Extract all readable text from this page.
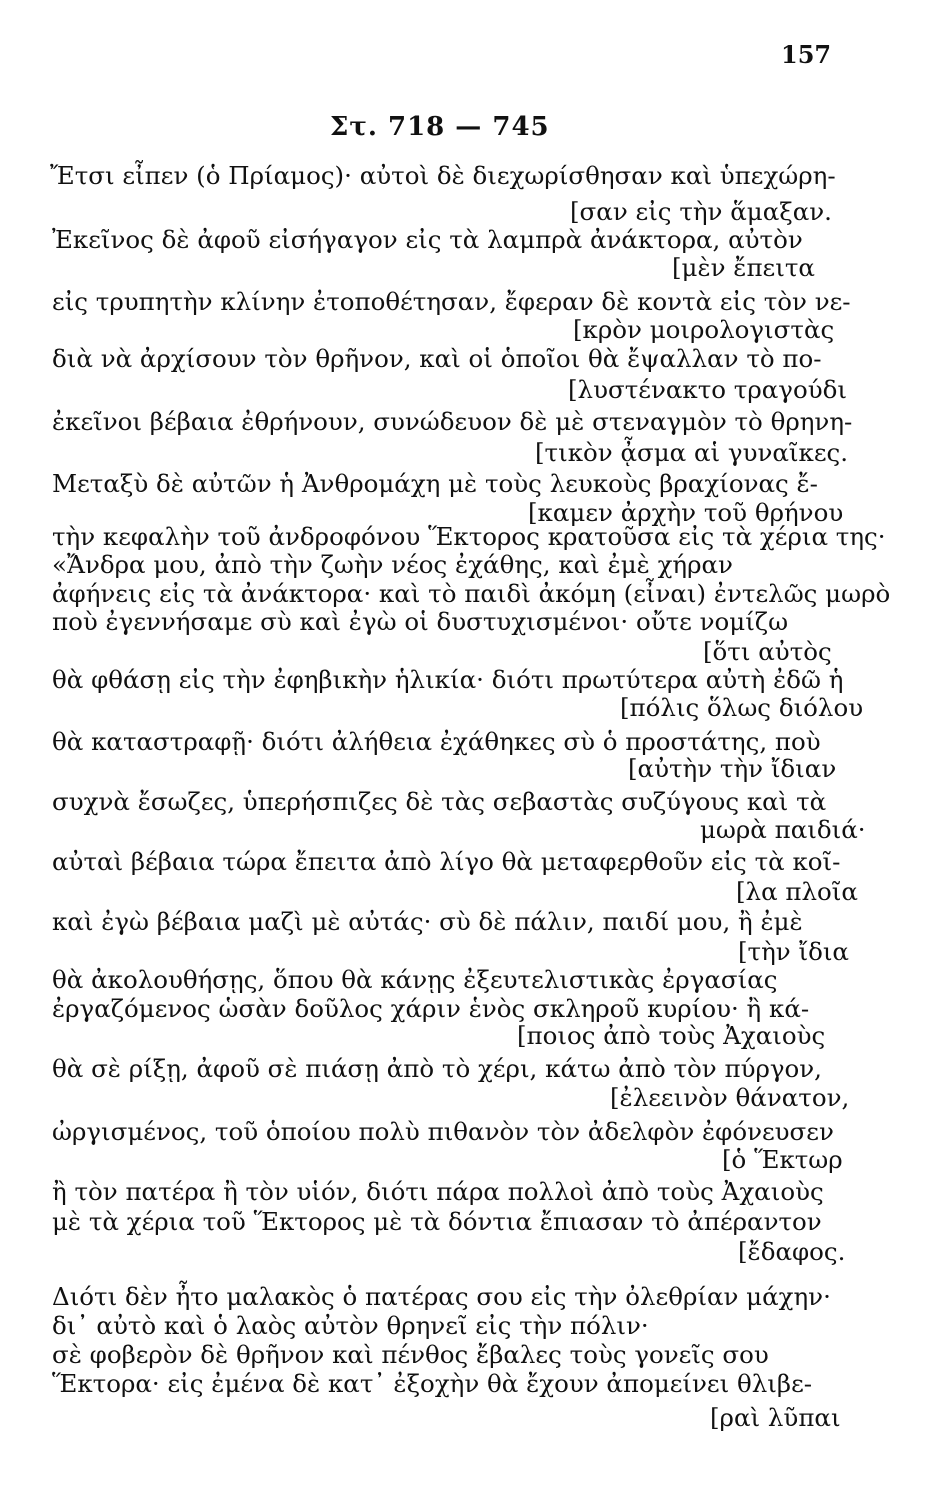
157
Στ. 718 — 745
Ἔτσι εἶπεν (ὁ Πρίαμος)· αὐτοὶ δὲ διεχωρίσθησαν καὶ ὑπεχώρη-
[σαν εἰς τὴν ἅμαξαν.
Ἐκεῖνος δὲ ἀφοῦ εἰσήγαγον εἰς τὰ λαμπρὰ ἀνάκτορα, αὐτὸν
[μὲν ἔπειτα
εἰς τρυπητὴν κλίνην ἐτοποθέτησαν, ἔφεραν δὲ κοντὰ εἰς τὸν νε-
[κρὸν μοιρολογιστὰς
διὰ νὰ ἀρχίσουν τὸν θρῆνον, καὶ οἱ ὁποῖοι θὰ ἔψαλλαν τὸ πο-
[λυστένακτο τραγούδι
ἐκεῖνοι βέβαια ἐθρήνουν, συνώδευον δὲ μὲ στεναγμὸν τὸ θρηνη-
[τικὸν ᾆσμα αἱ γυναῖκες.
Μεταξὺ δὲ αὐτῶν ἡ Ἀνθρομάχη μὲ τοὺς λευκοὺς βραχίονας ἔ-
[καμεν ἀρχὴν τοῦ θρήνου
τὴν κεφαλὴν τοῦ ἀνδροφόνου Ἕκτορος κρατοῦσα εἰς τὰ χέρια της·
«Ἄνδρα μου, ἀπὸ τὴν ζωὴν νέος ἐχάθης, καὶ ἐμὲ χήραν
ἀφήνεις εἰς τὰ ἀνάκτορα· καὶ τὸ παιδὶ ἀκόμη (εἶναι) ἐντελῶς μωρὸ
ποὺ ἐγεννήσαμε σὺ καὶ ἐγὼ οἱ δυστυχισμένοι· οὔτε νομίζω
[ὅτι αὐτὸς
θὰ φθάσῃ εἰς τὴν ἐφηβικὴν ἡλικία· διότι πρωτύτερα αὐτὴ ἐδῶ ἡ
[πόλις ὅλως διόλου
θὰ καταστραφῇ· διότι ἀλήθεια ἐχάθηκες σὺ ὁ προστάτης, ποὺ
[αὐτὴν τὴν ἴδιαν
συχνὰ ἔσωζες, ὑπερήσπιζες δὲ τὰς σεβαστὰς συζύγους καὶ τὰ
μωρὰ παιδιά·
αὐταὶ βέβαια τώρα ἔπειτα ἀπὸ λίγο θὰ μεταφερθοῦν εἰς τὰ κοῖ-
[λα πλοῖα
καὶ ἐγὼ βέβαια μαζὶ μὲ αὐτάς· σὺ δὲ πάλιν, παιδί μου, ἢ ἐμὲ
[τὴν ἴδια
θὰ ἀκολουθήσῃς, ὅπου θὰ κάνῃς ἐξευτελιστικὰς ἐργασίας
ἐργαζόμενος ὡσὰν δοῦλος χάριν ἑνὸς σκληροῦ κυρίου· ἢ κά-
[ποιος ἀπὸ τοὺς Ἀχαιοὺς
θὰ σὲ ρίξῃ, ἀφοῦ σὲ πιάσῃ ἀπὸ τὸ χέρι, κάτω ἀπὸ τὸν πύργον,
[ἐλεεινὸν θάνατον,
ὠργισμένος, τοῦ ὁποίου πολὺ πιθανὸν τὸν ἀδελφὸν ἐφόνευσεν
[ὁ Ἕκτωρ
ἢ τὸν πατέρα ἢ τὸν υἱόν, διότι πάρα πολλοὶ ἀπὸ τοὺς Ἀχαιοὺς
μὲ τὰ χέρια τοῦ Ἕκτορος μὲ τὰ δόντια ἔπιασαν τὸ ἀπέραντον
[ἔδαφος.
Διότι δὲν ἦτο μαλακὸς ὁ πατέρας σου εἰς τὴν ὀλεθρίαν μάχην·
δι᾽ αὐτὸ καὶ ὁ λαὸς αὐτὸν θρηνεῖ εἰς τὴν πόλιν·
σὲ φοβερὸν δὲ θρῆνον καὶ πένθος ἔβαλες τοὺς γονεῖς σου
Ἕκτορα· εἰς ἐμένα δὲ κατ᾽ ἐξοχὴν θὰ ἔχουν ἀπομείνει θλιβε-
[ραὶ λῦπαι
